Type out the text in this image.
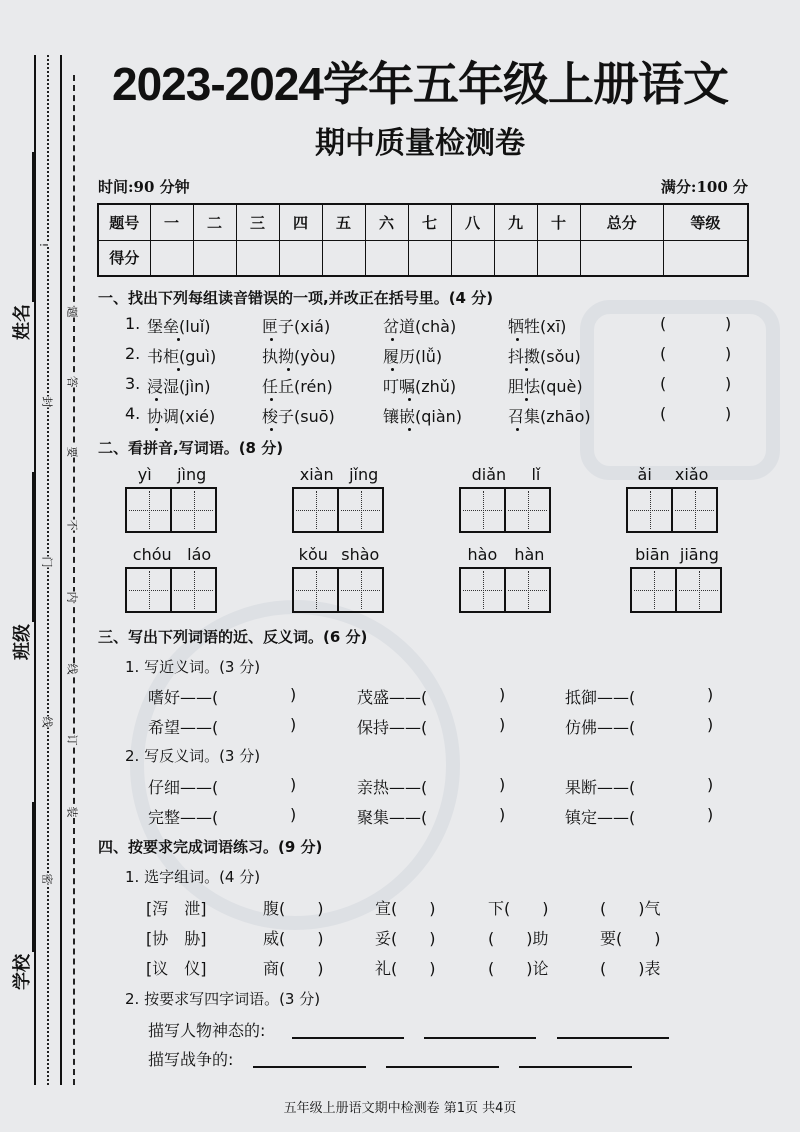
姓名
班级
学校
!
封
门
线
密
题
答
要
不
内
线
订
装
2023-2024学年五年级上册语文
期中质量检测卷
时间:90 分钟	满分:100 分
题号	一	二	三	四	五	六	七	八	九	十	总分	等级
得分												
一、找出下列每组读音错误的一项,并改正在括号里。(4 分)
1. 堡垒(luǐ)	匣子(xiá)	岔道(chà)	牺牲(xī)	(	)
2. 书柜(guì)	执拗(yòu)	履历(lǚ)	抖擞(sǒu)	(	)
3. 浸湿(jìn)	任丘(rén)	叮嘱(zhǔ)	胆怯(què)	(	)
4. 协调(xié)	梭子(suō)	镶嵌(qiàn)	召集(zhāo)	(	)
二、看拼音,写词语。(8 分)
yì jìng	xiàn jǐng	diǎn lǐ	ǎi xiǎo
chóu láo	kǒu shào	hào hàn	biān jiāng
三、写出下列词语的近、反义词。(6 分)
1. 写近义词。(3 分)
嗜好——(	)	茂盛——(	)	抵御——(	)
希望——(	)	保持——(	)	仿佛——(	)
2. 写反义词。(3 分)
仔细——(	)	亲热——(	)	果断——(	)
完整——(	)	聚集——(	)	镇定——(	)
四、按要求完成词语练习。(9 分)
1. 选字组词。(4 分)
[泻　泄]	腹(　　)	宣(　　)	下(　　)	(　　)气
[协　胁]	威(　　)	妥(　　)	(　　)助	要(　　)
[议　仪]	商(　　)	礼(　　)	(　　)论	(　　)表
2. 按要求写四字词语。(3 分)
描写人物神态的:
描写战争的:
五年级上册语文期中检测卷 第1页 共4页
